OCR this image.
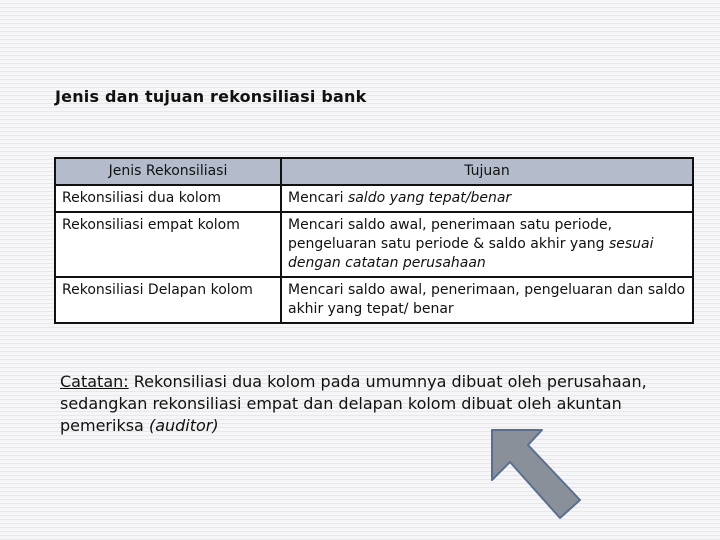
Jenis dan tujuan rekonsiliasi bank
Jenis Rekonsiliasi	Tujuan
Rekonsiliasi dua kolom	Mencari saldo yang tepat/benar
Rekonsiliasi empat kolom	Mencari saldo awal, penerimaan satu periode, pengeluaran satu periode & saldo akhir yang sesuai dengan catatan perusahaan
Rekonsiliasi Delapan kolom	Mencari saldo awal, penerimaan, pengeluaran dan saldo akhir yang tepat/ benar
Catatan: Rekonsiliasi dua kolom pada umumnya dibuat oleh perusahaan, sedangkan rekonsiliasi empat dan delapan kolom dibuat oleh akuntan pemeriksa (auditor)
